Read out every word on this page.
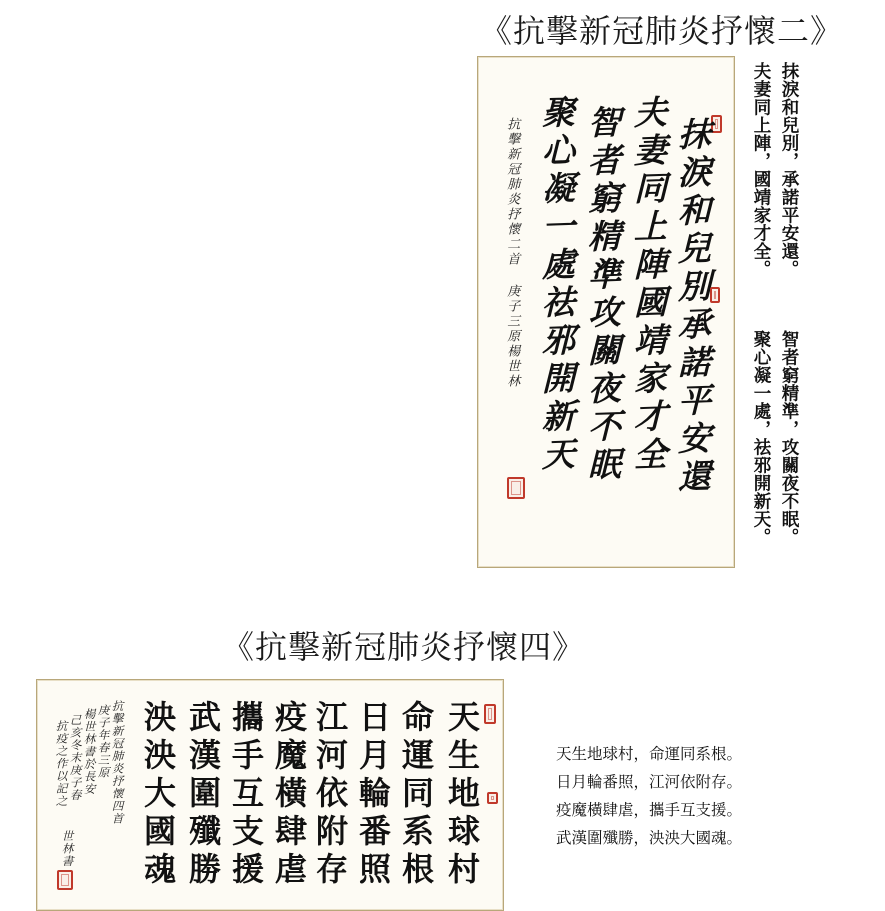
《抗擊新冠肺炎抒懷二》
抹淚和兒別承諾平安還
夫妻同上陣國靖家才全
智者窮精準攻關夜不眠
聚心凝一處祛邪開新天
抗擊新冠肺炎抒懷二首 庚子三原楊世林	抹淚和兒別，承諾平安還。
夫妻同上陣，國靖家才全。
智者窮精準，攻關夜不眠。
聚心凝一處，祛邪開新天。
《抗擊新冠肺炎抒懷四》
天生地球村
命運同系根
日月輪番照
江河依附存
疫魔橫肆虐
攜手互支援
武漢圍殲勝
泱泱大國魂
抗擊新冠肺炎抒懷四首
庚子年春三原
楊世林書於長安
己亥冬末庚子春
抗疫之作以記之
世林書
天生地球村，命運同系根。
日月輪番照，江河依附存。
疫魔橫肆虐，攜手互支援。
武漢圍殲勝，泱泱大國魂。
